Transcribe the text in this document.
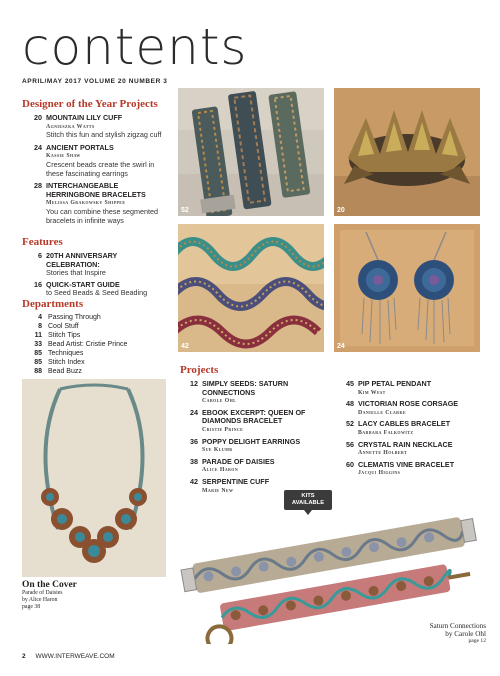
contents
APRIL/MAY 2017 VOLUME 20 NUMBER 3
Designer of the Year Projects
20 MOUNTAIN LILY CUFF
Agnieszka Watts
Stitch this fun and stylish zigzag cuff
24 ANCIENT PORTALS
Kassie Shaw
Crescent beads create the swirl in these fascinating earrings
28 INTERCHANGEABLE HERRINGBONE BRACELETS
Melissa Grakowsky Shippee
You can combine these segmented bracelets in infinite ways
Features
6 20TH ANNIVERSARY CELEBRATION:
Stories that Inspire
16 QUICK-START GUIDE
to Seed Beads & Seed Beading
Departments
4 Passing Through
8 Cool Stuff
11 Stitch Tips
33 Bead Artist: Cristie Prince
85 Techniques
85 Stitch Index
88 Bead Buzz
52	20
42	24
On the Cover
Parade of Daisies
by Alice Haron
page 38
Projects
12 SIMPLY SEEDS: SATURN CONNECTIONS
Carole Ohl
24 EBOOK EXCERPT: QUEEN OF DIAMONDS BRACELET
Cristie Prince
36 POPPY DELIGHT EARRINGS
Sue Klumb
38 PARADE OF DAISIES
Alice Haron
42 SERPENTINE CUFF
Marie New
45 PIP PETAL PENDANT
Kim West
48 VICTORIAN ROSE CORSAGE
Danielle Clarke
52 LACY CABLES BRACELET
Barbara Falkowitz
56 CRYSTAL RAIN NECKLACE
Annette Holbert
60 CLEMATIS VINE BRACELET
Jacqui Higgins
KITS
AVAILABLE
Saturn Connections
by Carole Ohl
page 12
2 WWW.INTERWEAVE.COM
